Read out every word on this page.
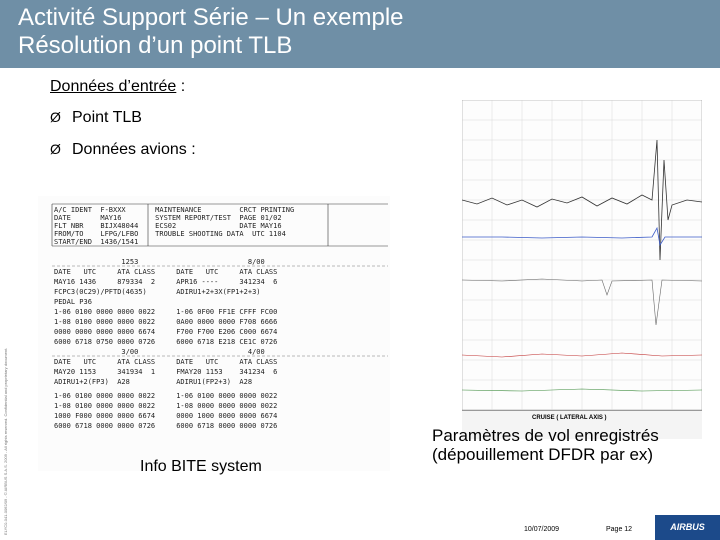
Activité Support Série – Un exemple
Résolution d’un point TLB
Données d’entrée :
Ø Point TLB
Ø Données avions :
ELYC0-041-0062/09 - © AIRBUS S.A.S. 2009 - All rights reserved. Confidential and proprietary document.
A/C IDENT  F-BXXX       MAINTENANCE         CRCT PRINTING
DATE       MAY16        SYSTEM REPORT/TEST  PAGE 01/02
FLT NBR    BIJX48044    ECS02               DATE MAY16
FROM/TO    LFPG/LFBO    TROUBLE SHOOTING DATA  UTC 1104
START/END  1436/1541
1253                          8/00
DATE   UTC     ATA CLASS     DATE   UTC     ATA CLASS
MAY16 1436     879334  2     APR16 ----     341234  6
FCPC3(0C29)/PFTD(4635)       ADIRU1+2+3X(FP1+2+3)
PEDAL P36
1-06 0100 0000 0000 0022     1-06 0F00 FF1E CFFF FC00
1-08 0100 0000 0000 0022     0A00 0000 0000 F708 6666
0000 0000 0000 0000 6674     F700 F700 E206 C000 6674
6000 6718 0750 0000 0726     6000 6718 E218 CE1C 0726
3/00                          4/00
DATE   UTC     ATA CLASS     DATE   UTC     ATA CLASS
MAY20 1153     341934  1     FMAY20 1153    341234  6
ADIRU1+2(FP3)  A28           ADIRU1(FP2+3)  A28
1-06 0100 0000 0000 0022     1-06 0100 0000 0000 0022
1-08 0100 0000 0000 0022     1-08 0000 0000 0000 0022
1000 F000 0000 0000 6674     0000 1000 0000 0000 6674
6000 6718 0000 0000 0726     6000 6718 0000 0000 0726
Info BITE system
CRUISE ( LATERAL AXIS )
Paramètres de vol enregistrés
(dépouillement DFDR par ex)
10/07/2009	Page 12	AIRBUS
